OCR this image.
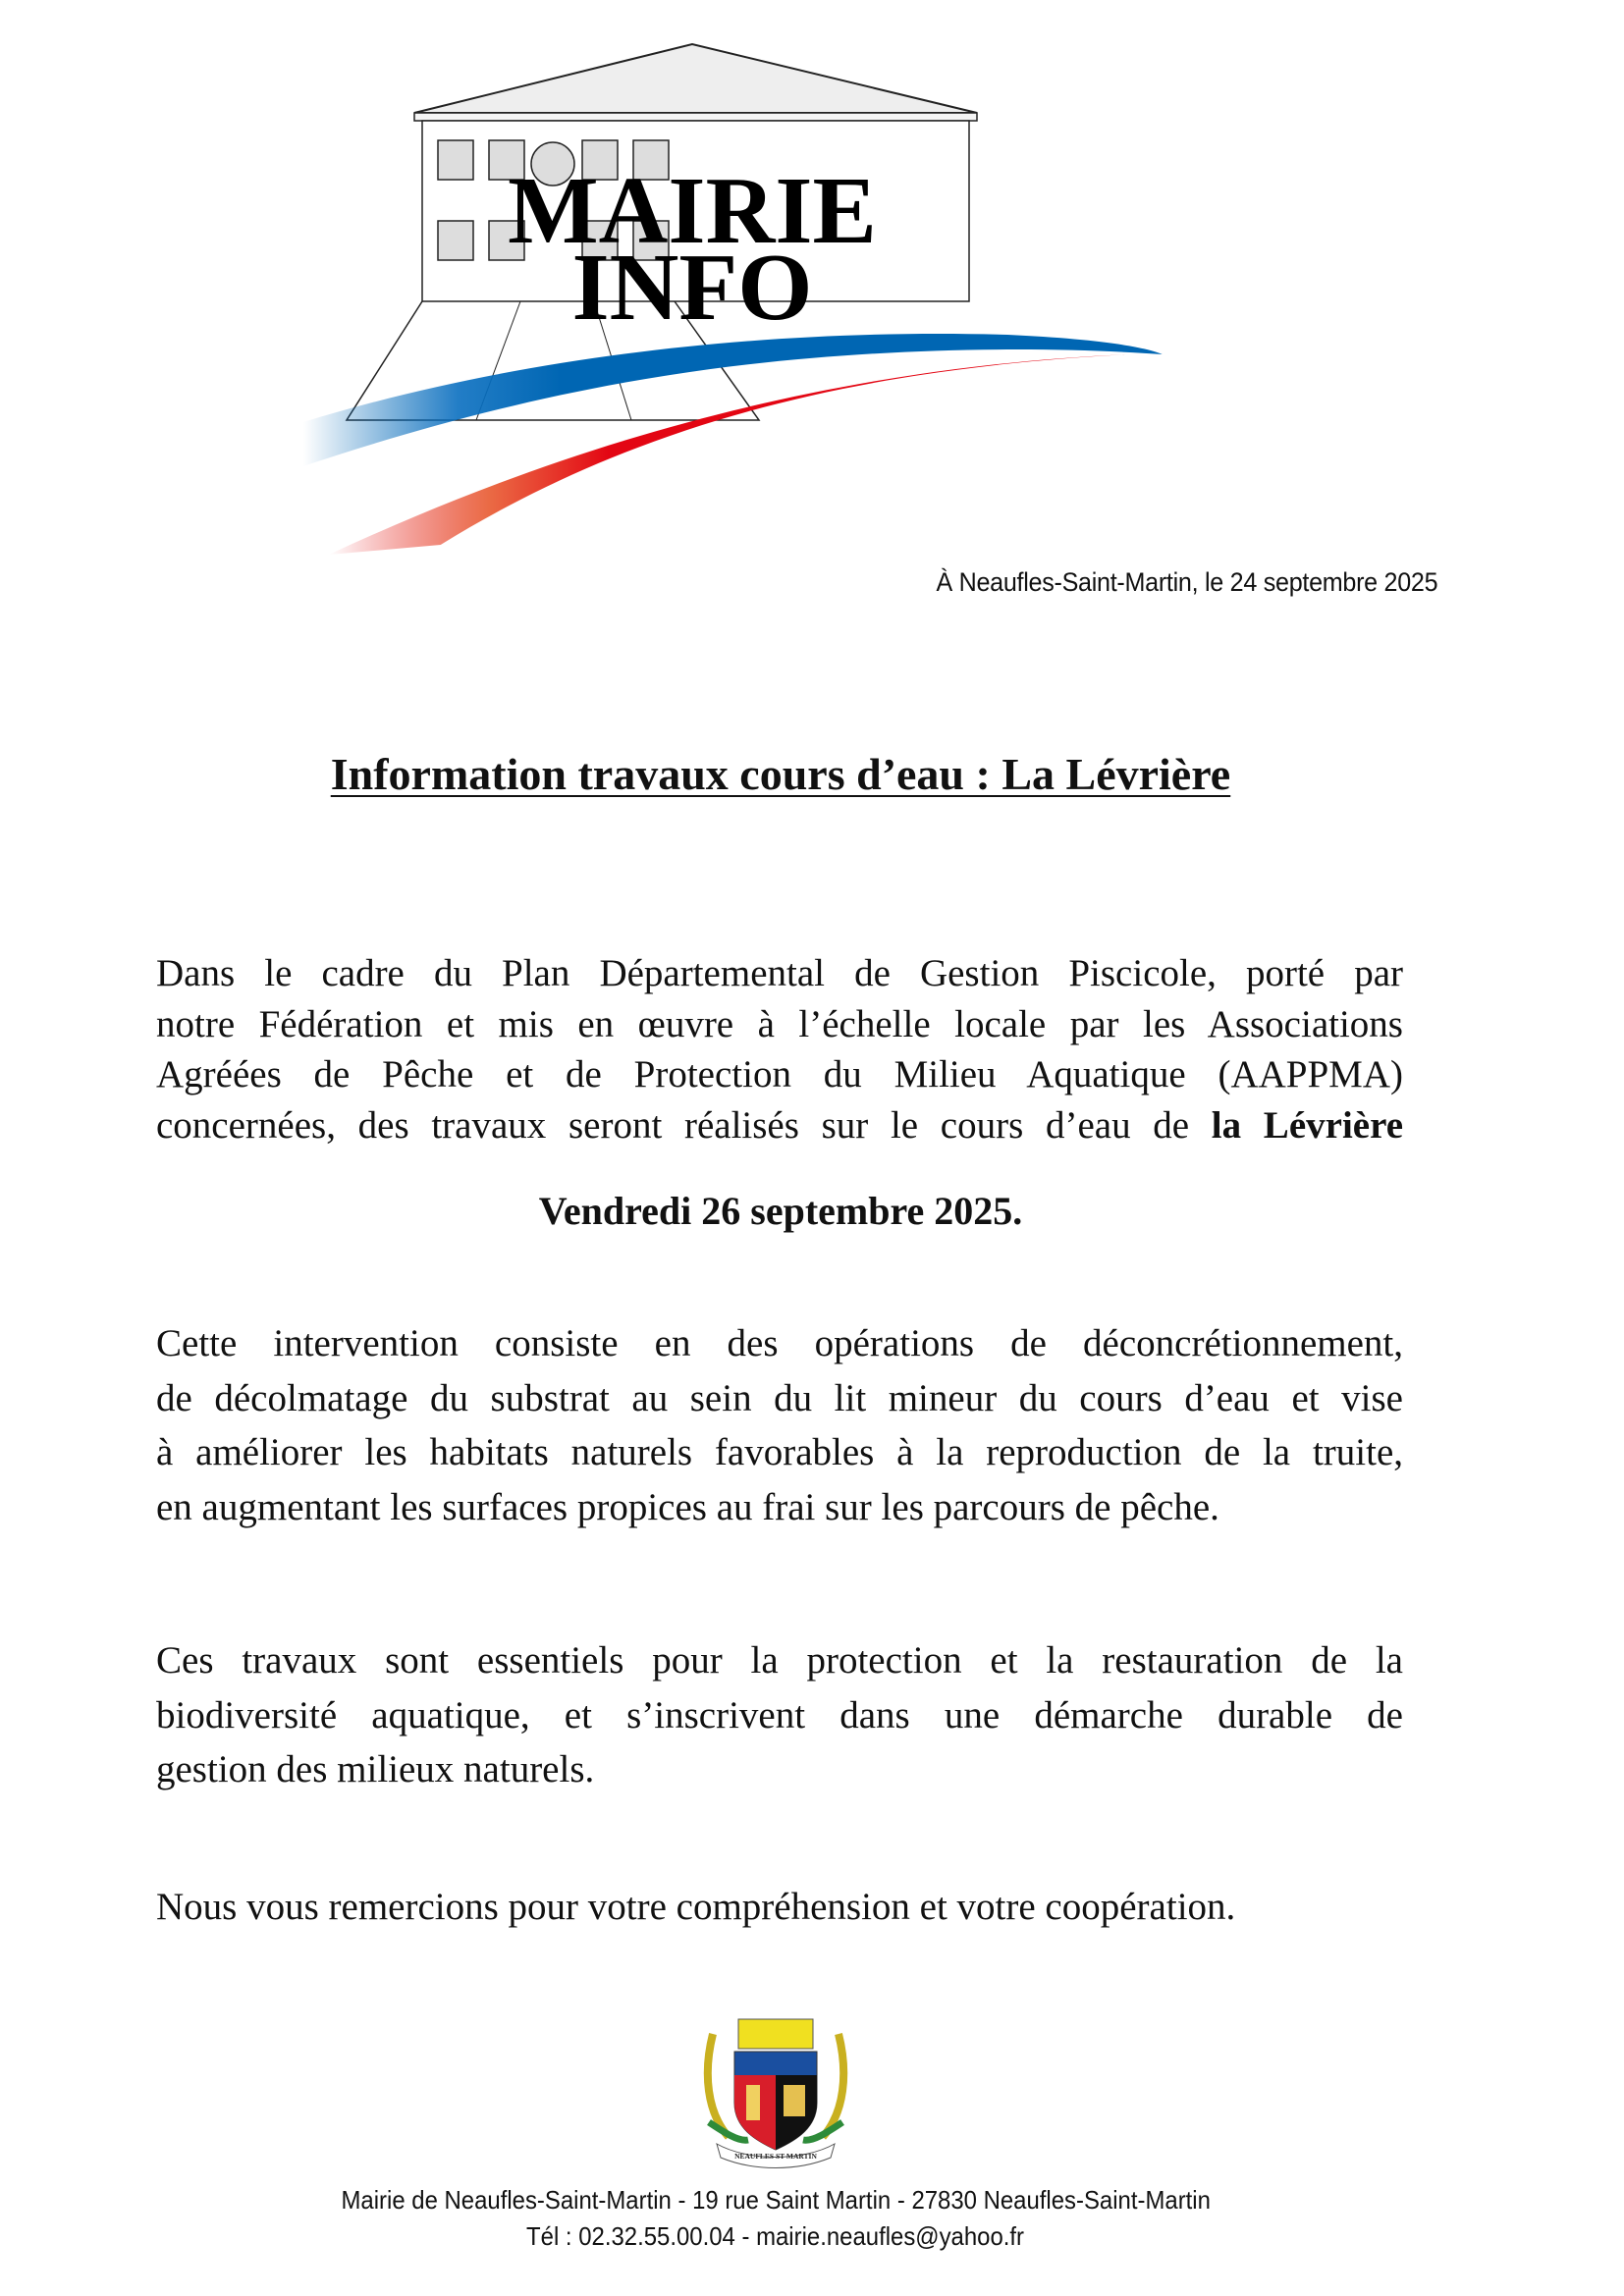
MAIRIE
INFO
À Neaufles-Saint-Martin, le 24 septembre 2025
Information travaux cours d’eau : La Lévrière
Dans le cadre du Plan Départemental de Gestion Piscicole, porté par
notre Fédération et mis en œuvre à l’échelle locale par les Associations
Agréées de Pêche et de Protection du Milieu Aquatique (AAPPMA)
concernées, des travaux seront réalisés sur le cours d’eau de la Lévrière
Vendredi 26 septembre 2025.
Cette intervention consiste en des opérations de déconcrétionnement,
de décolmatage du substrat au sein du lit mineur du cours d’eau et vise
à améliorer les habitats naturels favorables à la reproduction de la truite,
en augmentant les surfaces propices au frai sur les parcours de pêche.
Ces travaux sont essentiels pour la protection et la restauration de la
biodiversité aquatique, et s’inscrivent dans une démarche durable de
gestion des milieux naturels.
Nous vous remercions pour votre compréhension et votre coopération.
NEAUFLES ST MARTIN
Mairie de Neaufles-Saint-Martin - 19 rue Saint Martin - 27830 Neaufles-Saint-Martin
Tél : 02.32.55.00.04 - mairie.neaufles@yahoo.fr
